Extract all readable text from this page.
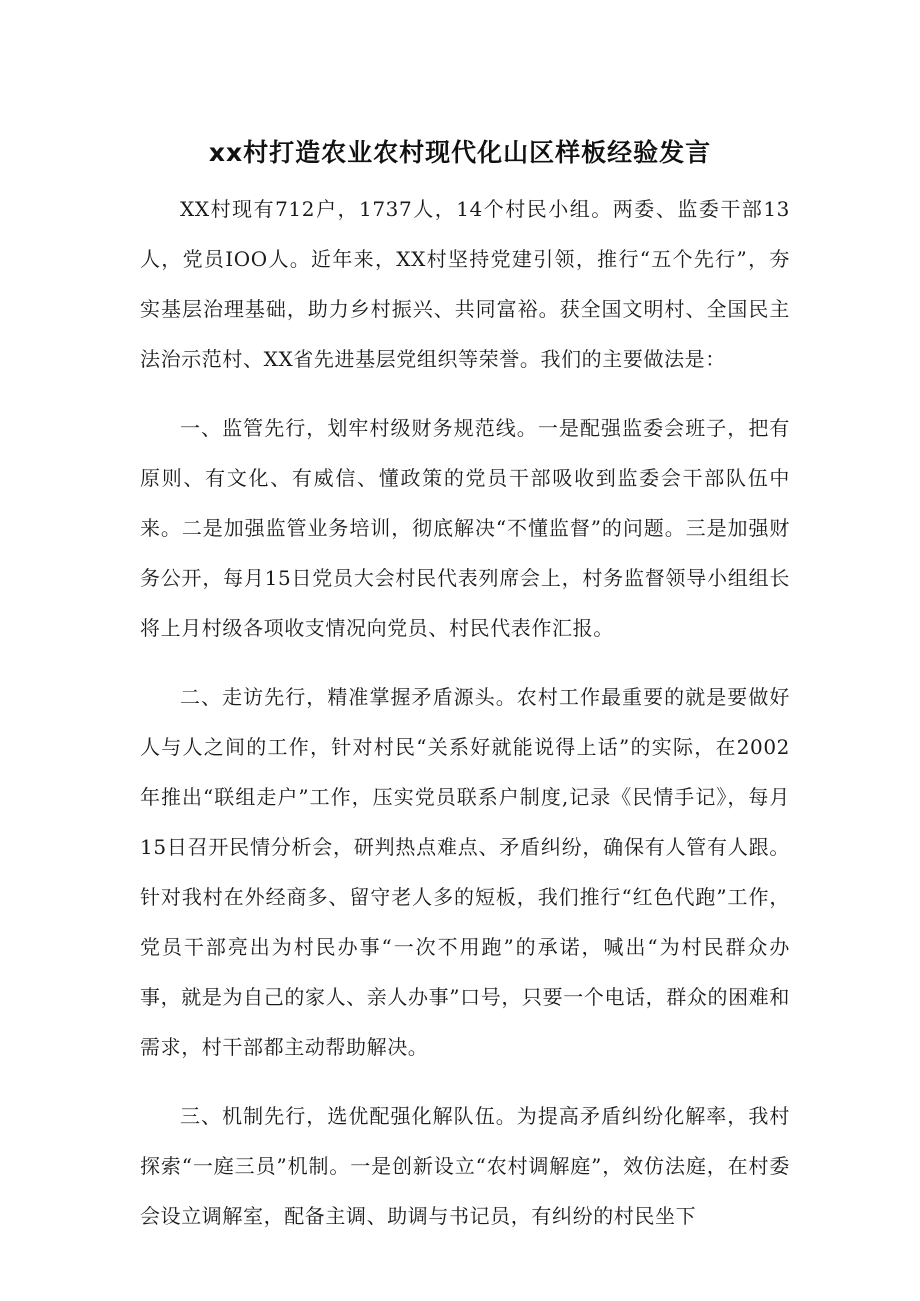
xx村打造农业农村现代化山区样板经验发言

XX村现有712户，1737人，14个村民小组。两委、监委干部13人，党员IOO人。近年来，XX村坚持党建引领，推行“五个先行”，夯实基层治理基础，助力乡村振兴、共同富裕。获全国文明村、全国民主法治示范村、XX省先进基层党组织等荣誉。我们的主要做法是：

一、监管先行，划牢村级财务规范线。一是配强监委会班子，把有原则、有文化、有威信、懂政策的党员干部吸收到监委会干部队伍中来。二是加强监管业务培训，彻底解决“不懂监督”的问题。三是加强财务公开，每月15日党员大会村民代表列席会上，村务监督领导小组组长将上月村级各项收支情况向党员、村民代表作汇报。

二、走访先行，精准掌握矛盾源头。农村工作最重要的就是要做好人与人之间的工作，针对村民“关系好就能说得上话”的实际，在2002年推出“联组走户”工作，压实党员联系户制度,记录《民情手记》，每月15日召开民情分析会，研判热点难点、矛盾纠纷，确保有人管有人跟。针对我村在外经商多、留守老人多的短板，我们推行“红色代跑”工作，党员干部亮出为村民办事“一次不用跑”的承诺，喊出“为村民群众办事，就是为自己的家人、亲人办事”口号，只要一个电话，群众的困难和需求，村干部都主动帮助解决。

三、机制先行，选优配强化解队伍。为提高矛盾纠纷化解率，我村探索“一庭三员”机制。一是创新设立“农村调解庭”，效仿法庭，在村委会设立调解室，配备主调、助调与书记员，有纠纷的村民坐下
